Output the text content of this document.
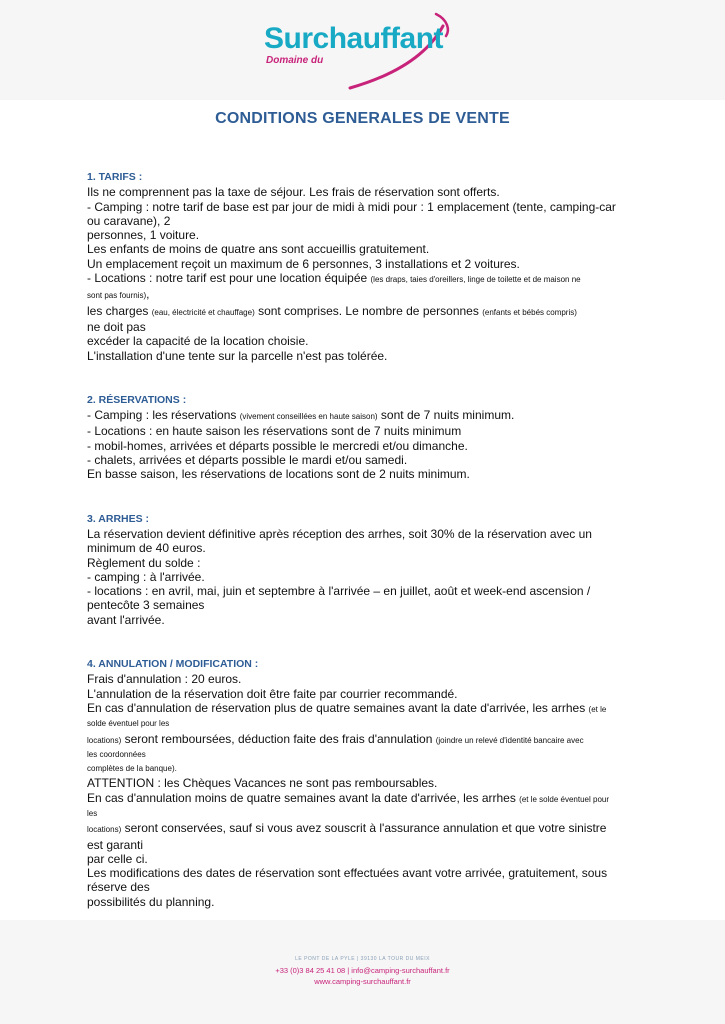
Surchauffant
Domaine du
CONDITIONS GENERALES DE VENTE
1. TARIFS :
Ils ne comprennent pas la taxe de séjour. Les frais de réservation sont offerts.
- Camping : notre tarif de base est par jour de midi à midi pour : 1 emplacement (tente, camping-car
ou caravane), 2
personnes, 1 voiture.
Les enfants de moins de quatre ans sont accueillis gratuitement.
Un emplacement reçoit un maximum de 6 personnes, 3 installations et 2 voitures.
- Locations : notre tarif est pour une location équipée (les draps, taies d'oreillers, linge de toilette et de maison ne
sont pas fournis),
les charges (eau, électricité et chauffage) sont comprises. Le nombre de personnes (enfants et bébés compris)
ne doit pas
excéder la capacité de la location choisie.
L'installation d'une tente sur la parcelle n'est pas tolérée.
2. RÉSERVATIONS :
- Camping : les réservations (vivement conseillées en haute saison) sont de 7 nuits minimum.
- Locations : en haute saison les réservations sont de 7 nuits minimum
- mobil-homes, arrivées et départs possible le mercredi et/ou dimanche.
- chalets, arrivées et départs possible le mardi et/ou samedi.
En basse saison, les réservations de locations sont de 2 nuits minimum.
3. ARRHES :
La réservation devient définitive après réception des arrhes, soit 30% de la réservation avec un
minimum de 40 euros.
Règlement du solde :
- camping : à l'arrivée.
- locations : en avril, mai, juin et septembre à l'arrivée – en juillet, août et week-end ascension /
pentecôte 3 semaines
avant l'arrivée.
4. ANNULATION / MODIFICATION :
Frais d'annulation : 20 euros.
L'annulation de la réservation doit être faite par courrier recommandé.
En cas d'annulation de réservation plus de quatre semaines avant la date d'arrivée, les arrhes (et le
solde éventuel pour les
locations) seront remboursées, déduction faite des frais d'annulation (joindre un relevé d'identité bancaire avec
les coordonnées
complètes de la banque).
ATTENTION : les Chèques Vacances ne sont pas remboursables.
En cas d'annulation moins de quatre semaines avant la date d'arrivée, les arrhes (et le solde éventuel pour
les
locations) seront conservées, sauf si vous avez souscrit à l'assurance annulation et que votre sinistre
est garanti
par celle ci.
Les modifications des dates de réservation sont effectuées avant votre arrivée, gratuitement, sous
réserve des
possibilités du planning.
LE PONT DE LA PYLE | 39130 LA TOUR DU MEIX
+33 (0)3 84 25 41 08 | info@camping-surchauffant.fr
www.camping-surchauffant.fr
